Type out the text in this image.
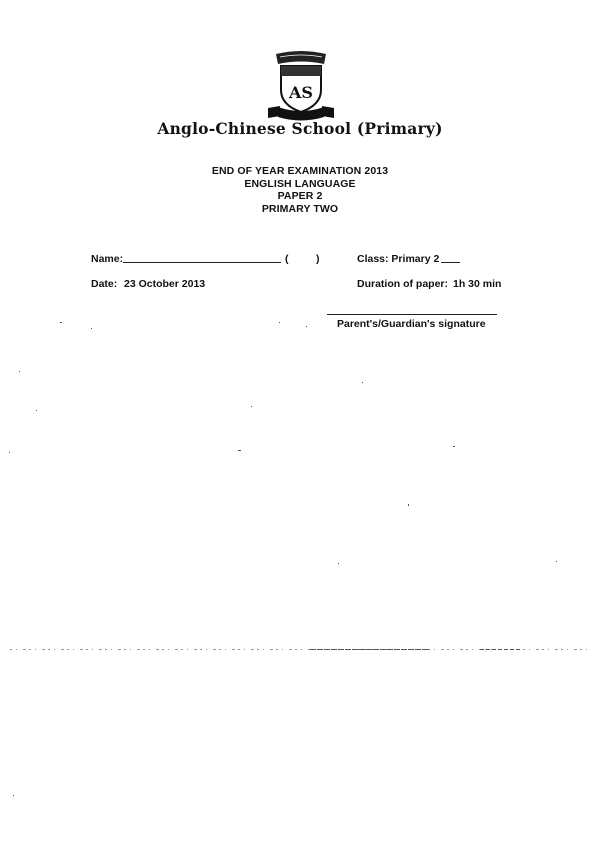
AS
Anglo-Chinese School (Primary)
END OF YEAR EXAMINATION 2013
ENGLISH LANGUAGE
PAPER 2
PRIMARY TWO
Name:	(	)	Class: Primary 2
Date: 23 October 2013	Duration of paper: 1h 30 min
Parent's/Guardian's signature
